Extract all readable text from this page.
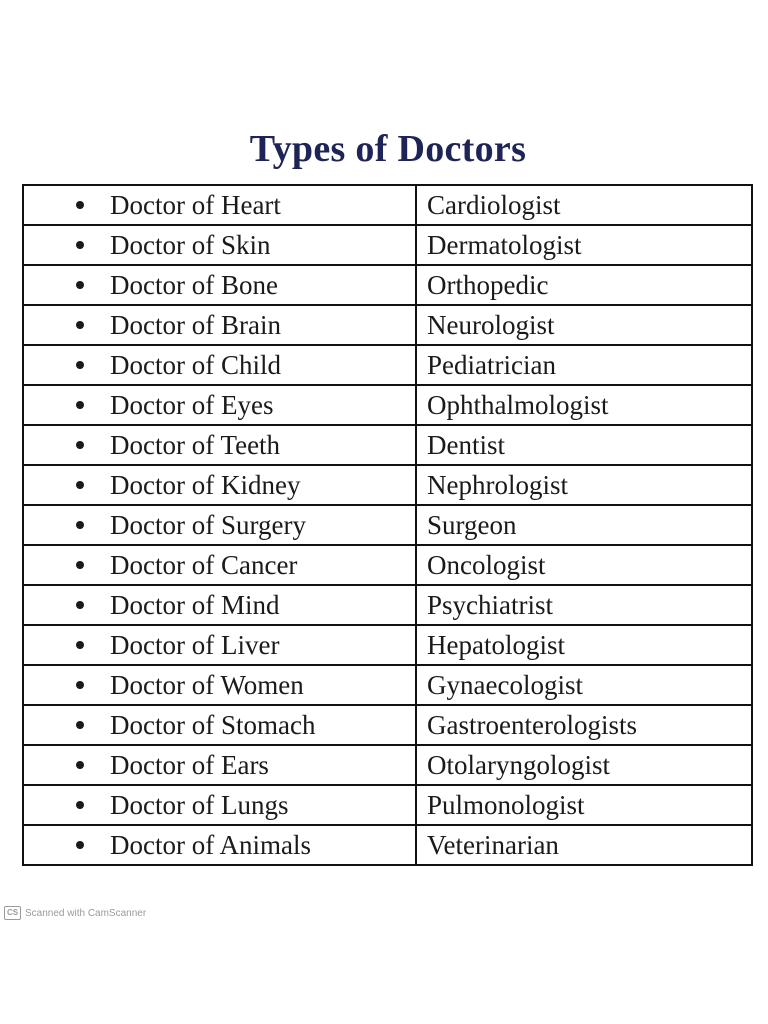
Types of Doctors
Doctor of Heart	Cardiologist

Doctor of Skin	Dermatologist

Doctor of Bone	Orthopedic

Doctor of Brain	Neurologist

Doctor of Child	Pediatrician

Doctor of Eyes	Ophthalmologist

Doctor of Teeth	Dentist

Doctor of Kidney	Nephrologist

Doctor of Surgery	Surgeon

Doctor of Cancer	Oncologist

Doctor of Mind	Psychiatrist

Doctor of Liver	Hepatologist

Doctor of Women	Gynaecologist

Doctor of Stomach	Gastroenterologists

Doctor of Ears	Otolaryngologist

Doctor of Lungs	Pulmonologist

Doctor of Animals	Veterinarian
CS Scanned with CamScanner
